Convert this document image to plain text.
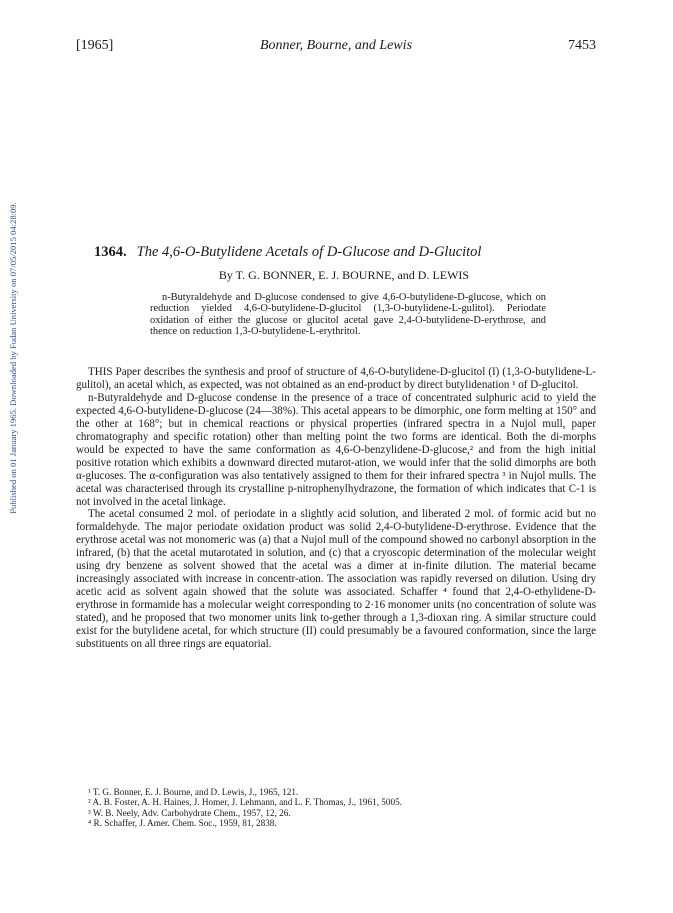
[1965]	Bonner, Bourne, and Lewis	7453
Published on 01 January 1965. Downloaded by Fudan University on 07/05/2015 04:28:09.	1364. The 4,6-O-Butylidene Acetals of D-Glucose and D-Glucitol
By T. G. BONNER, E. J. BOURNE, and D. LEWIS
n-Butyraldehyde and D-glucose condensed to give 4,6-O-butylidene-D-glucose, which on reduction yielded 4,6-O-butylidene-D-glucitol (1,3-O-butylidene-L-gulitol). Periodate oxidation of either the glucose or glucitol acetal gave 2,4-O-butylidene-D-erythrose, and thence on reduction 1,3-O-butylidene-L-erythritol.

THIS Paper describes the synthesis and proof of structure of 4,6-O-butylidene-D-glucitol (I) (1,3-O-butylidene-L-gulitol), an acetal which, as expected, was not obtained as an end-product by direct butylidenation ¹ of D-glucitol.

n-Butyraldehyde and D-glucose condense in the presence of a trace of concentrated sulphuric acid to yield the expected 4,6-O-butylidene-D-glucose (24—38%). This acetal appears to be dimorphic, one form melting at 150° and the other at 168°; but in chemical reactions or physical properties (infrared spectra in a Nujol mull, paper chromatography and specific rotation) other than melting point the two forms are identical. Both the di-morphs would be expected to have the same conformation as 4,6-O-benzylidene-D-glucose,² and from the high initial positive rotation which exhibits a downward directed mutarot-ation, we would infer that the solid dimorphs are both α-glucoses. The α-configuration was also tentatively assigned to them for their infrared spectra ³ in Nujol mulls. The acetal was characterised through its crystalline p-nitrophenylhydrazone, the formation of which indicates that C-1 is not involved in the acetal linkage.

The acetal consumed 2 mol. of periodate in a slightly acid solution, and liberated 2 mol. of formic acid but no formaldehyde. The major periodate oxidation product was solid 2,4-O-butylidene-D-erythrose. Evidence that the erythrose acetal was not monomeric was (a) that a Nujol mull of the compound showed no carbonyl absorption in the infrared, (b) that the acetal mutarotated in solution, and (c) that a cryoscopic determination of the molecular weight using dry benzene as solvent showed that the acetal was a dimer at in-finite dilution. The material became increasingly associated with increase in concentr-ation. The association was rapidly reversed on dilution. Using dry acetic acid as solvent again showed that the solute was associated. Schaffer ⁴ found that 2,4-O-ethylidene-D-erythrose in formamide has a molecular weight corresponding to 2·16 monomer units (no concentration of solute was stated), and he proposed that two monomer units link to-gether through a 1,3-dioxan ring. A similar structure could exist for the butylidene acetal, for which structure (II) could presumably be a favoured conformation, since the large substituents on all three rings are equatorial.

¹ T. G. Bonner, E. J. Bourne, and D. Lewis, J., 1965, 121.
² A. B. Foster, A. H. Haines, J. Homer, J. Lehmann, and L. F. Thomas, J., 1961, 5005.
³ W. B. Neely, Adv. Carbohydrate Chem., 1957, 12, 26.
⁴ R. Schaffer, J. Amer. Chem. Soc., 1959, 81, 2838.
